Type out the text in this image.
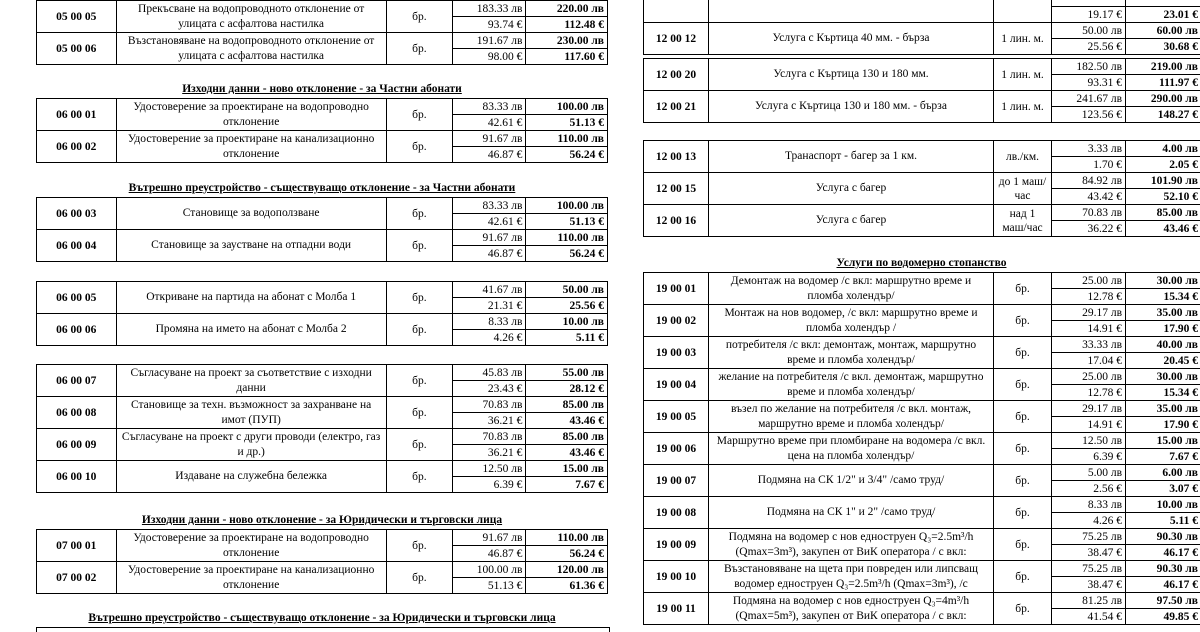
05 00 05	Прекъсване на водопроводното отклонение от улицата с асфалтова настилка	бр.	183.33 лв	220.00 лв
			93.74 €	112.48 €
05 00 06	Възстановяване на водопроводното отклонение от улицата с асфалтова настилка	бр.	191.67 лв	230.00 лв
			98.00 €	117.60 €
Изходни данни - ново отклонение - за Частни абонати
06 00 01	Удостоверение за проектиране на водопроводно отклонение	бр.	83.33 лв	100.00 лв
			42.61 €	51.13 €
06 00 02	Удостоверение за проектиране на канализационно отклонение	бр.	91.67 лв	110.00 лв
			46.87 €	56.24 €
Вътрешно преустройство - съществуващо отклонение - за Частни абонати
06 00 03	Становище за водоползване	бр.	83.33 лв	100.00 лв
			42.61 €	51.13 €
06 00 04	Становище за заустване на отпадни води	бр.	91.67 лв	110.00 лв
			46.87 €	56.24 €
06 00 05	Откриване на партида на абонат с Молба 1	бр.	41.67 лв	50.00 лв
			21.31 €	25.56 €
06 00 06	Промяна на името на абонат с Молба 2	бр.	8.33 лв	10.00 лв
			4.26 €	5.11 €
06 00 07	Съгласуване на проект за съответствие с изходни данни	бр.	45.83 лв	55.00 лв
			23.43 €	28.12 €
06 00 08	Становище за техн. възможност за захранване на имот (ПУП)	бр.	70.83 лв	85.00 лв
			36.21 €	43.46 €
06 00 09	Съгласуване на проект с други проводи (електро, газ и др.)	бр.	70.83 лв	85.00 лв
			36.21 €	43.46 €
06 00 10	Издаване на служебна бележка	бр.	12.50 лв	15.00 лв
			6.39 €	7.67 €
Изходни данни - ново отклонение - за Юридически и търговски лица
07 00 01	Удостоверение за проектиране на водопроводно отклонение	бр.	91.67 лв	110.00 лв
			46.87 €	56.24 €
07 00 02	Удостоверение за проектиране на канализационно отклонение	бр.	100.00 лв	120.00 лв
			51.13 €	61.36 €
Вътрешно преустройство - съществуващо отклонение - за Юридически и търговски лица

			19.17 €	23.01 €
12 00 12	Услуга с Къртица 40 мм. - бърза	1 лин. м.	50.00 лв	60.00 лв
			25.56 €	30.68 €
12 00 20	Услуга с Къртица 130 и 180 мм.	1 лин. м.	182.50 лв	219.00 лв
			93.31 €	111.97 €
12 00 21	Услуга с Къртица 130 и 180 мм. - бърза	1 лин. м.	241.67 лв	290.00 лв
			123.56 €	148.27 €
12 00 13	Транаспорт - багер за 1 км.	лв./км.	3.33 лв	4.00 лв
			1.70 €	2.05 €
12 00 15	Услуга с багер	до 1 маш/час	84.92 лв	101.90 лв
			43.42 €	52.10 €
12 00 16	Услуга с багер	над 1 маш/час	70.83 лв	85.00 лв
			36.22 €	43.46 €
Услуги по водомерно стопанство
19 00 01	Демонтаж на водомер /с вкл: маршрутно време и пломба холендър/	бр.	25.00 лв	30.00 лв
			12.78 €	15.34 €
19 00 02	Монтаж на нов водомер, /с вкл: маршрутно време и пломба холендър /	бр.	29.17 лв	35.00 лв
			14.91 €	17.90 €
19 00 03	потребителя /с вкл: демонтаж, монтаж, маршрутно време и пломба холендър/	бр.	33.33 лв	40.00 лв
			17.04 €	20.45 €
19 00 04	желание на потребителя /с вкл. демонтаж, маршрутно време и пломба холендър/	бр.	25.00 лв	30.00 лв
			12.78 €	15.34 €
19 00 05	възел по желание на потребителя /с вкл. монтаж, маршрутно време и пломба холендър/	бр.	29.17 лв	35.00 лв
			14.91 €	17.90 €
19 00 06	Маршрутно време при пломбиране на водомера /с вкл. цена на пломба холендър/	бр.	12.50 лв	15.00 лв
			6.39 €	7.67 €
19 00 07	Подмяна на СК 1/2" и 3/4" /само труд/	бр.	5.00 лв	6.00 лв
			2.56 €	3.07 €
19 00 08	Подмяна на СК 1" и 2" /само труд/	бр.	8.33 лв	10.00 лв
			4.26 €	5.11 €
19 00 09	Подмяна на водомер с нов едноструен Q₃=2.5m³/h (Qmax=3m³), закупен от ВиК оператора / с вкл:	бр.	75.25 лв	90.30 лв
			38.47 €	46.17 €
19 00 10	Възстановяване на щета при повреден или липсващ водомер едноструен Q₃=2.5m³/h (Qmax=3m³), /с	бр.	75.25 лв	90.30 лв
			38.47 €	46.17 €
19 00 11	Подмяна на водомер с нов едноструен Q₃=4m³/h (Qmax=5m³), закупен от ВиК оператора / с вкл:	бр.	81.25 лв	97.50 лв
			41.54 €	49.85 €
